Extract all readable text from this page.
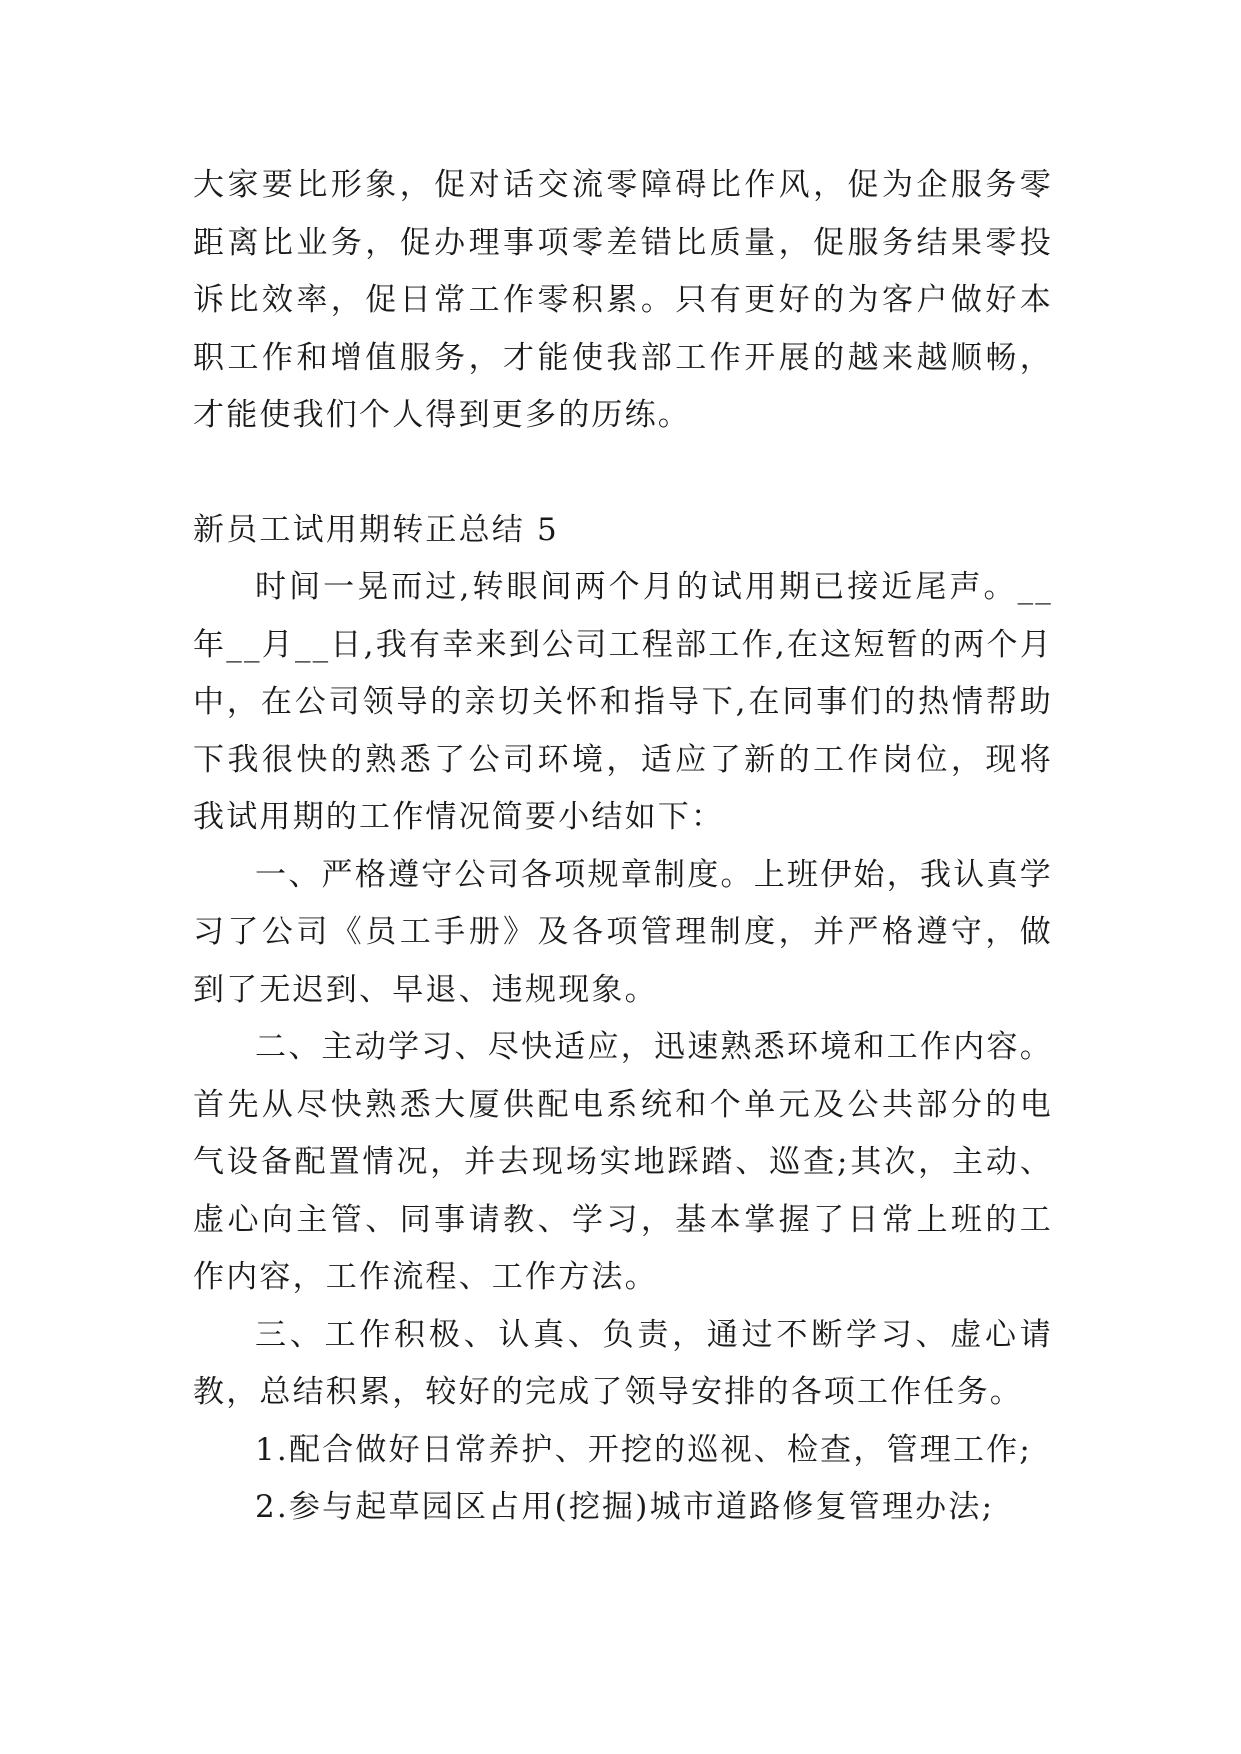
大家要比形象，促对话交流零障碍比作风，促为企服务零距离比业务，促办理事项零差错比质量，促服务结果零投诉比效率，促日常工作零积累。只有更好的为客户做好本职工作和增值服务，才能使我部工作开展的越来越顺畅，才能使我们个人得到更多的历练。

新员工试用期转正总结 5

时间一晃而过,转眼间两个月的试用期已接近尾声。__年__月__日,我有幸来到公司工程部工作,在这短暂的两个月中，在公司领导的亲切关怀和指导下,在同事们的热情帮助下我很快的熟悉了公司环境，适应了新的工作岗位，现将我试用期的工作情况简要小结如下：

一、严格遵守公司各项规章制度。上班伊始，我认真学习了公司《员工手册》及各项管理制度，并严格遵守，做到了无迟到、早退、违规现象。

二、主动学习、尽快适应，迅速熟悉环境和工作内容。首先从尽快熟悉大厦供配电系统和个单元及公共部分的电气设备配置情况，并去现场实地踩踏、巡查;其次，主动、虚心向主管、同事请教、学习，基本掌握了日常上班的工作内容，工作流程、工作方法。

三、工作积极、认真、负责，通过不断学习、虚心请教，总结积累，较好的完成了领导安排的各项工作任务。

1.配合做好日常养护、开挖的巡视、检查，管理工作;

2.参与起草园区占用(挖掘)城市道路修复管理办法;
